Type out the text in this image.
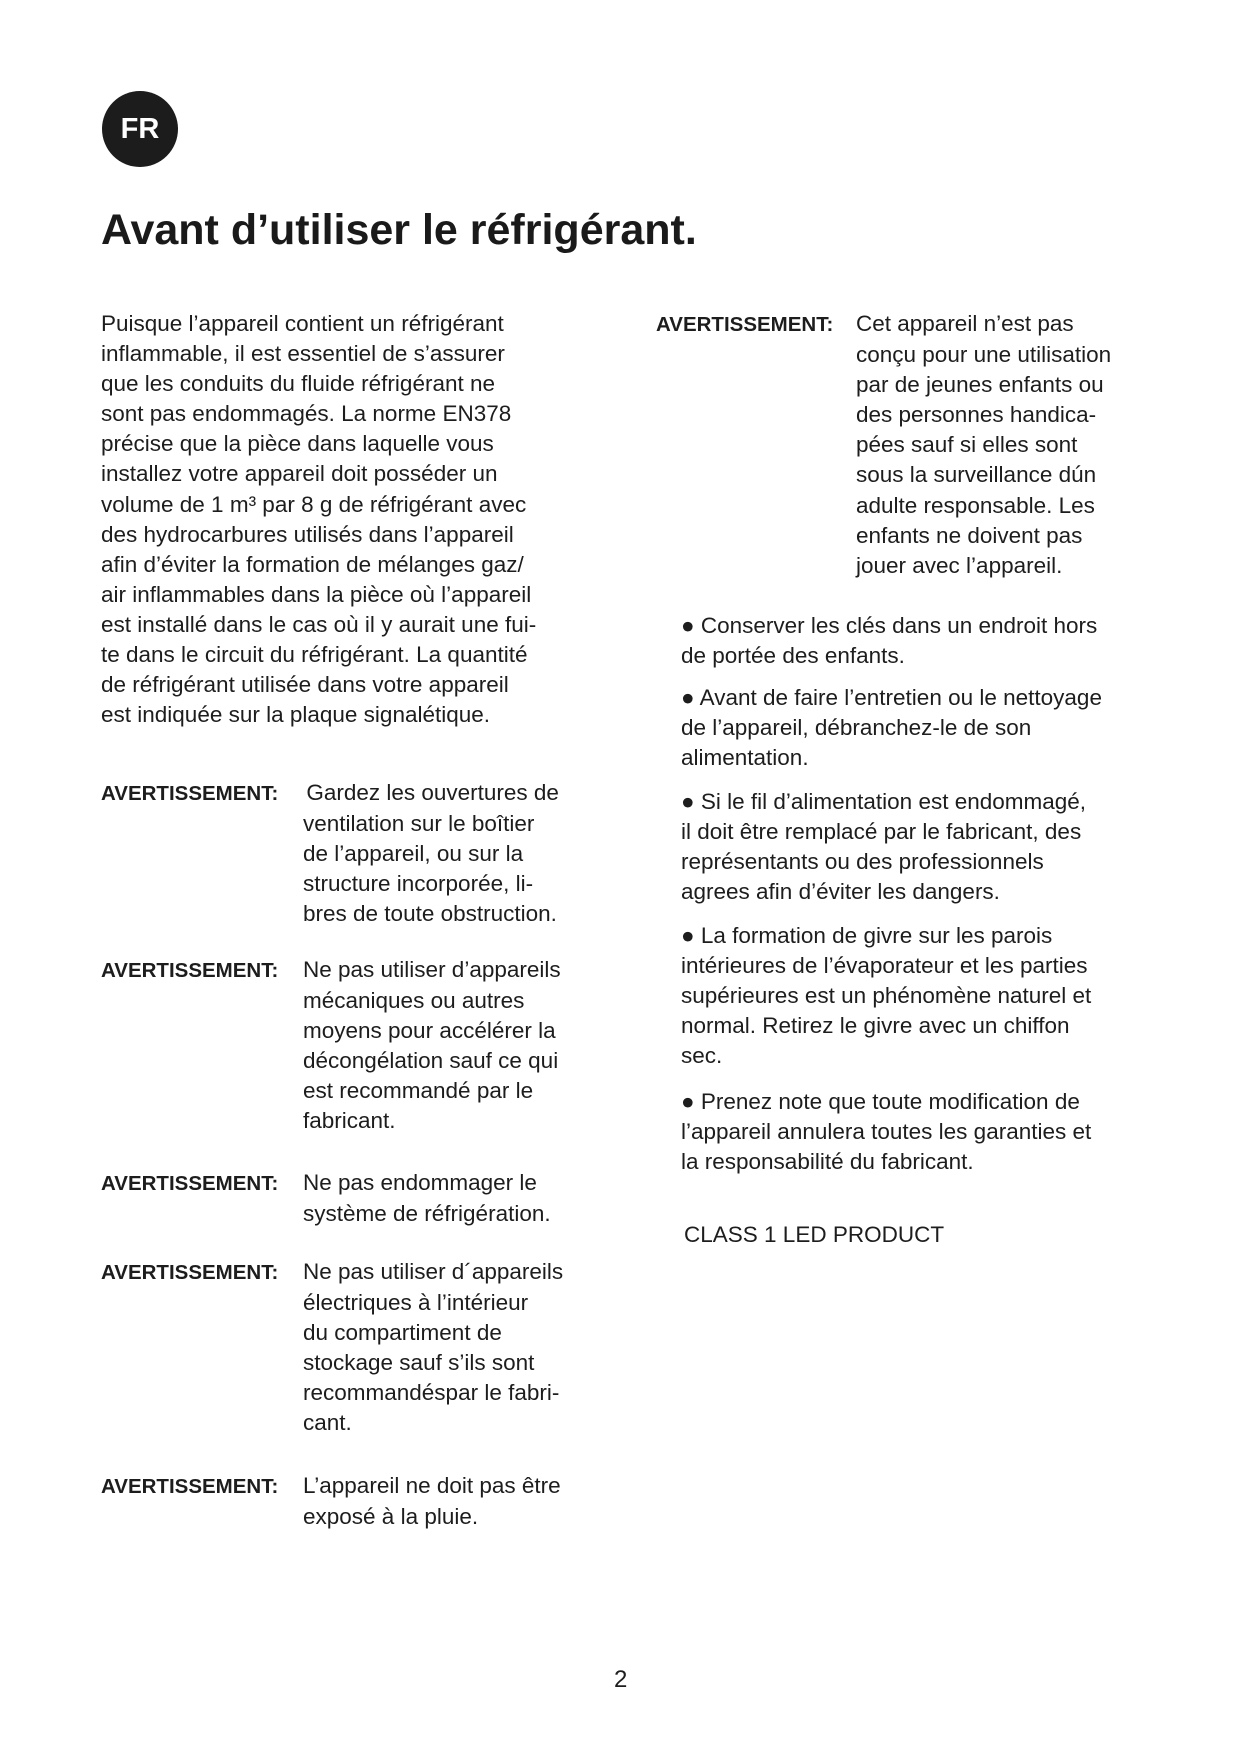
FR
Avant d’utiliser le réfrigérant.
Puisque l’appareil contient un réfrigérant
inflammable, il est essentiel de s’assurer
que les conduits du fluide réfrigérant ne
sont pas endommagés. La norme EN378
précise que la pièce dans laquelle vous
installez votre appareil doit posséder un
volume de 1 m³ par 8 g de réfrigérant avec
des hydrocarbures utilisés dans l’appareil
afin d’éviter la formation de mélanges gaz/
air inflammables dans la pièce où l’appareil
est installé dans le cas où il y aurait une fui-
te dans le circuit du réfrigérant. La quantité
de réfrigérant utilisée dans votre appareil
est indiquée sur la plaque signalétique.
AVERTISSEMENT: Gardez les ouvertures de
ventilation sur le boîtier
de l’appareil, ou sur la
structure incorporée, li-
bres de toute obstruction.
AVERTISSEMENT: Ne pas utiliser d’appareils
mécaniques ou autres
moyens pour accélérer la
décongélation sauf ce qui
est recommandé par le
fabricant.
AVERTISSEMENT: Ne pas endommager le
système de réfrigération.
AVERTISSEMENT: Ne pas utiliser d´appareils
électriques à l’intérieur
du compartiment de
stockage sauf s’ils sont
recommandéspar le fabri-
cant.
AVERTISSEMENT: L’appareil ne doit pas être
exposé à la pluie.
AVERTISSEMENT: Cet appareil n’est pas
conçu pour une utilisation
par de jeunes enfants ou
des personnes handica-
pées sauf si elles sont
sous la surveillance dún
adulte responsable. Les
enfants ne doivent pas
jouer avec l’appareil.
● Conserver les clés dans un endroit hors
de portée des enfants.
● Avant de faire l’entretien ou le nettoyage
de l’appareil, débranchez-le de son
alimentation.
● Si le fil d’alimentation est endommagé,
il doit être remplacé par le fabricant, des
représentants ou des professionnels
agrees afin d’éviter les dangers.
● La formation de givre sur les parois
intérieures de l’évaporateur et les parties
supérieures est un phénomène naturel et
normal. Retirez le givre avec un chiffon
sec.
● Prenez note que toute modification de
l’appareil annulera toutes les garanties et
la responsabilité du fabricant.
CLASS 1 LED PRODUCT
2
